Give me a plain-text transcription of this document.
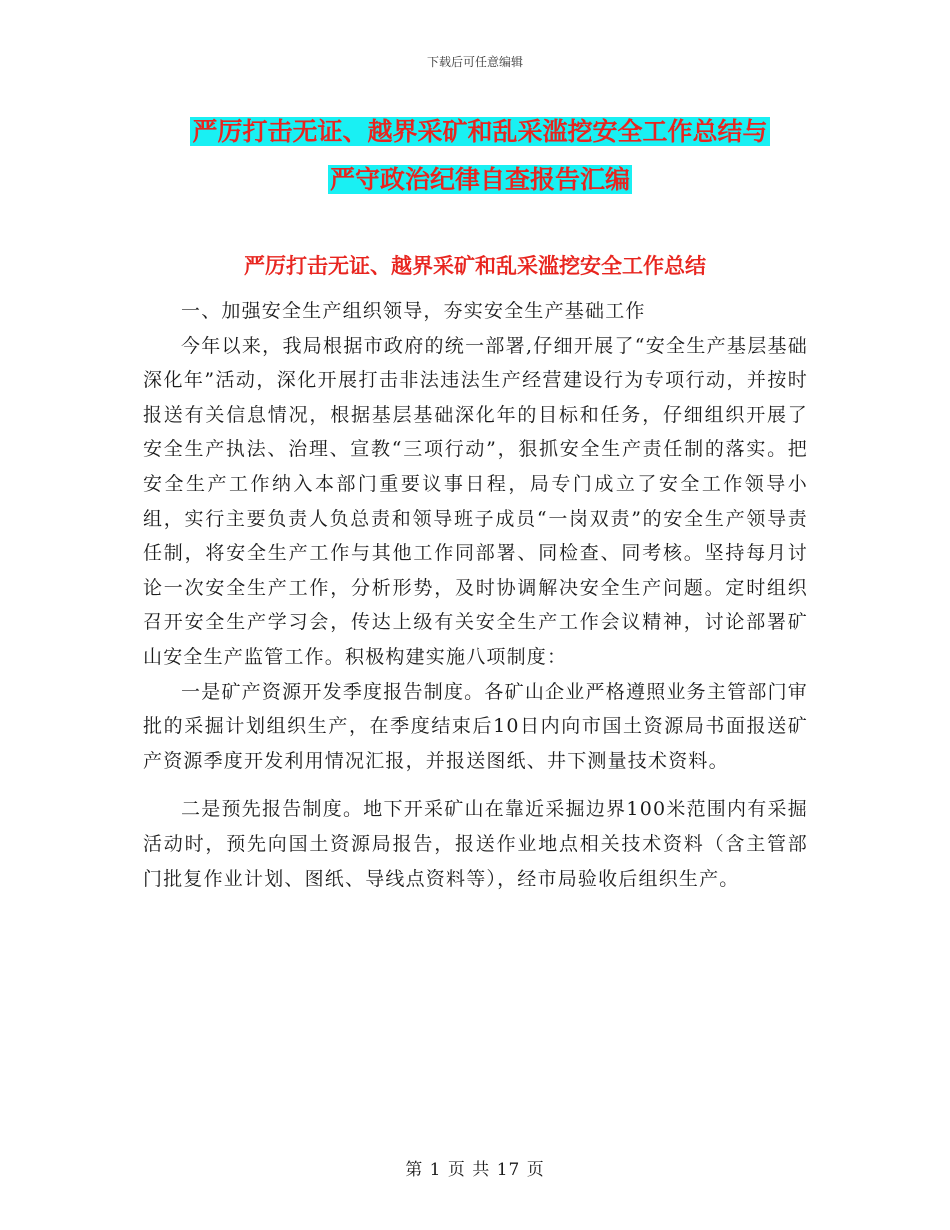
下载后可任意编辑
严厉打击无证、越界采矿和乱采滥挖安全工作总结与
严守政治纪律自查报告汇编
严厉打击无证、越界采矿和乱采滥挖安全工作总结

一、加强安全生产组织领导，夯实安全生产基础工作

今年以来，我局根据市政府的统一部署,仔细开展了“安全生产基层基础深化年”活动，深化开展打击非法违法生产经营建设行为专项行动，并按时报送有关信息情况，根据基层基础深化年的目标和任务，仔细组织开展了安全生产执法、治理、宣教“三项行动”，狠抓安全生产责任制的落实。把安全生产工作纳入本部门重要议事日程，局专门成立了安全工作领导小组，实行主要负责人负总责和领导班子成员“一岗双责”的安全生产领导责任制，将安全生产工作与其他工作同部署、同检查、同考核。坚持每月讨论一次安全生产工作，分析形势，及时协调解决安全生产问题。定时组织召开安全生产学习会，传达上级有关安全生产工作会议精神，讨论部署矿山安全生产监管工作。积极构建实施八项制度：

一是矿产资源开发季度报告制度。各矿山企业严格遵照业务主管部门审批的采掘计划组织生产，在季度结束后10日内向市国土资源局书面报送矿产资源季度开发利用情况汇报，并报送图纸、井下测量技术资料。

二是预先报告制度。地下开采矿山在靠近采掘边界100米范围内有采掘活动时，预先向国土资源局报告，报送作业地点相关技术资料（含主管部门批复作业计划、图纸、导线点资料等），经市局验收后组织生产。

第 1 页 共 17 页
